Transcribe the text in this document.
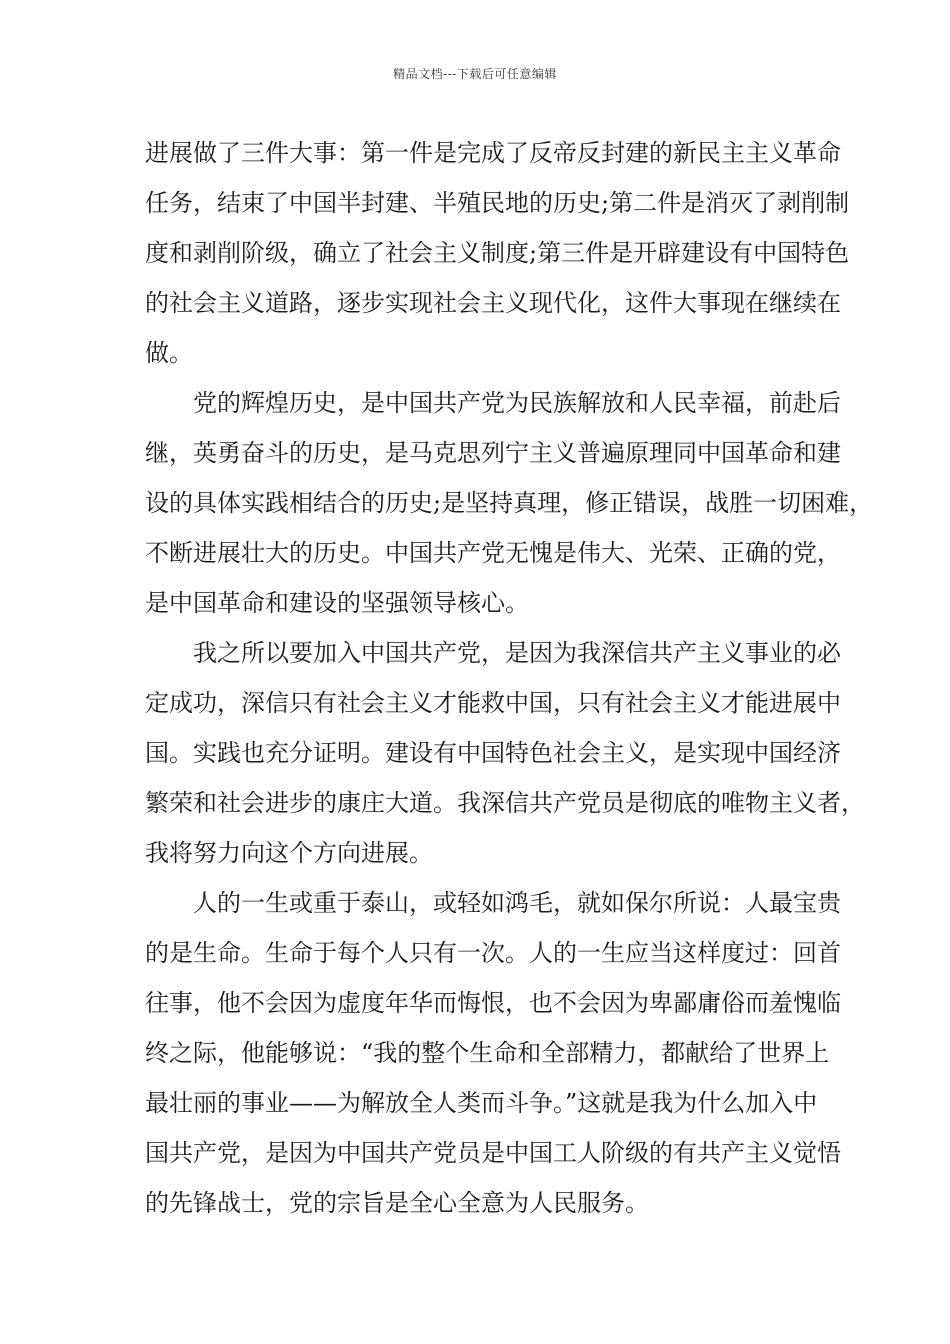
精品文档---下载后可任意编辑
进展做了三件大事：第一件是完成了反帝反封建的新民主主义革命
任务，结束了中国半封建、半殖民地的历史;第二件是消灭了剥削制
度和剥削阶级，确立了社会主义制度;第三件是开辟建设有中国特色
的社会主义道路，逐步实现社会主义现代化，这件大事现在继续在
做。
党的辉煌历史，是中国共产党为民族解放和人民幸福，前赴后
继，英勇奋斗的历史，是马克思列宁主义普遍原理同中国革命和建
设的具体实践相结合的历史;是坚持真理，修正错误，战胜一切困难，
不断进展壮大的历史。中国共产党无愧是伟大、光荣、正确的党，
是中国革命和建设的坚强领导核心。
我之所以要加入中国共产党，是因为我深信共产主义事业的必
定成功，深信只有社会主义才能救中国，只有社会主义才能进展中
国。实践也充分证明。建设有中国特色社会主义，是实现中国经济
繁荣和社会进步的康庄大道。我深信共产党员是彻底的唯物主义者，
我将努力向这个方向进展。
人的一生或重于泰山，或轻如鸿毛，就如保尔所说：人最宝贵
的是生命。生命于每个人只有一次。人的一生应当这样度过：回首
往事，他不会因为虚度年华而悔恨，也不会因为卑鄙庸俗而羞愧临
终之际，他能够说：“我的整个生命和全部精力，都献给了世界上
最壮丽的事业——为解放全人类而斗争。”这就是我为什么加入中
国共产党，是因为中国共产党员是中国工人阶级的有共产主义觉悟
的先锋战士，党的宗旨是全心全意为人民服务。
